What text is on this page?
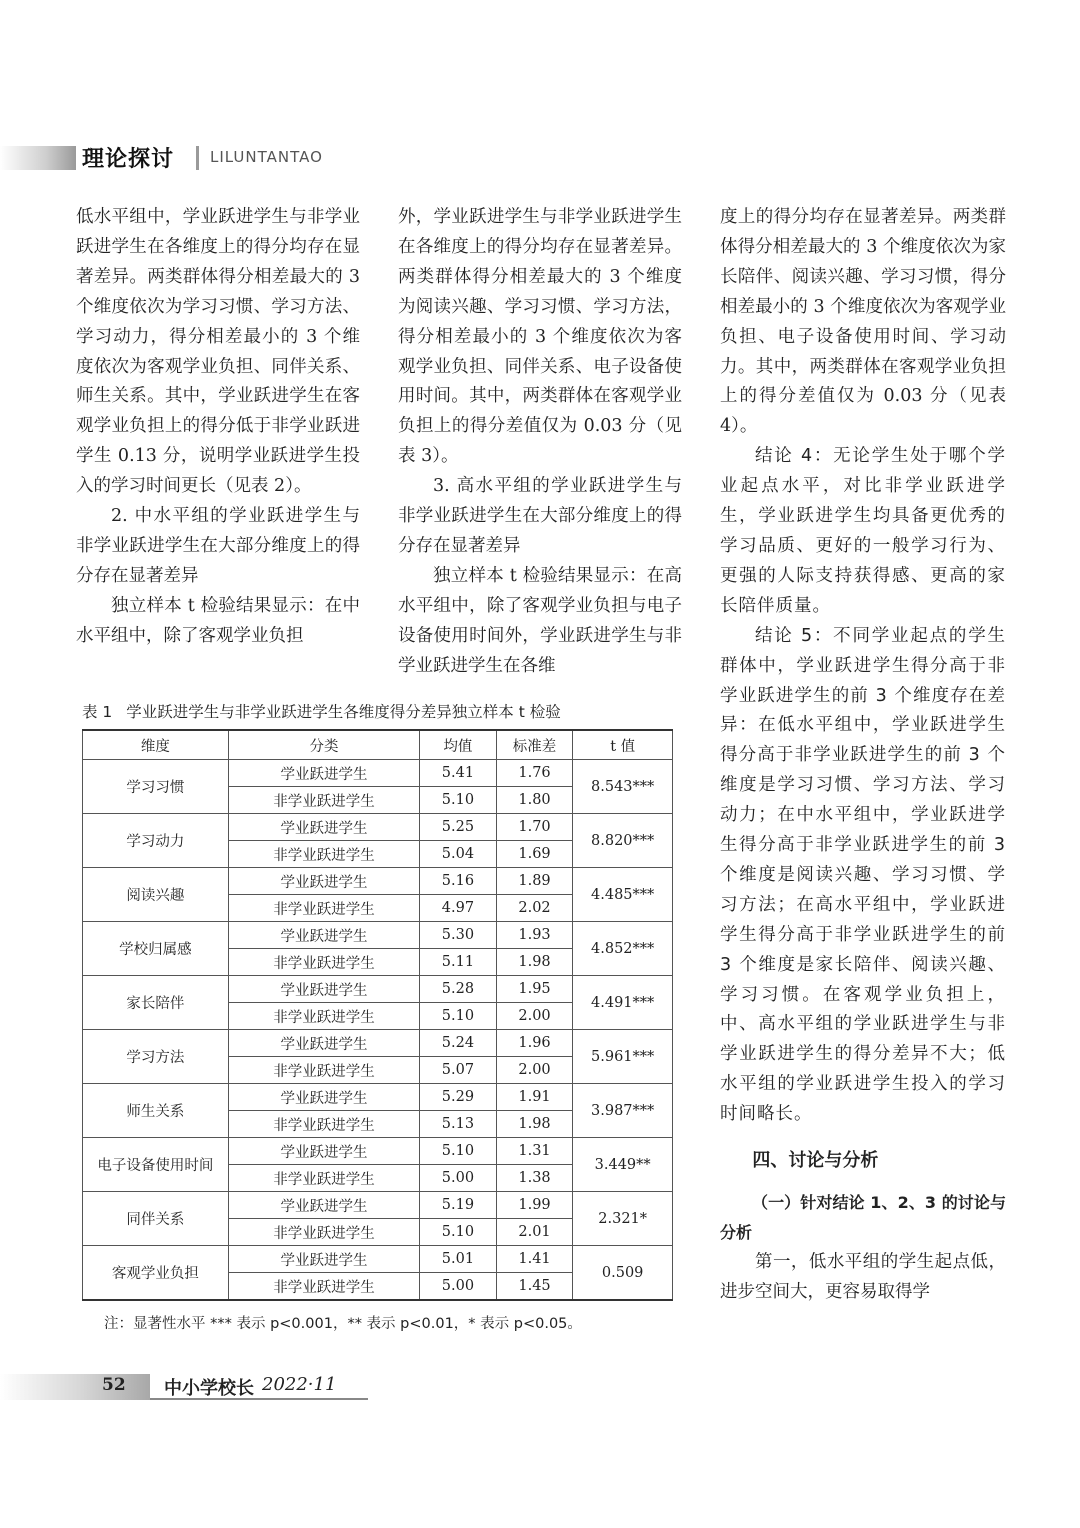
理论探讨 LILUNTANTAO

低水平组中，学业跃进学生与非学业跃进学生在各维度上的得分均存在显著差异。两类群体得分相差最大的 3 个维度依次为学习习惯、学习方法、学习动力，得分相差最小的 3 个维度依次为客观学业负担、同伴关系、师生关系。其中，学业跃进学生在客观学业负担上的得分低于非学业跃进学生 0.13 分，说明学业跃进学生投入的学习时间更长（见表 2）。

2. 中水平组的学业跃进学生与非学业跃进学生在大部分维度上的得分存在显著差异

独立样本 t 检验结果显示：在中水平组中，除了客观学业负担

外，学业跃进学生与非学业跃进学生在各维度上的得分均存在显著差异。两类群体得分相差最大的 3 个维度为阅读兴趣、学习习惯、学习方法，得分相差最小的 3 个维度依次为客观学业负担、同伴关系、电子设备使用时间。其中，两类群体在客观学业负担上的得分差值仅为 0.03 分（见表 3）。

3. 高水平组的学业跃进学生与非学业跃进学生在大部分维度上的得分存在显著差异

独立样本 t 检验结果显示：在高水平组中，除了客观学业负担与电子设备使用时间外，学业跃进学生与非学业跃进学生在各维

度上的得分均存在显著差异。两类群体得分相差最大的 3 个维度依次为家长陪伴、阅读兴趣、学习习惯，得分相差最小的 3 个维度依次为客观学业负担、电子设备使用时间、学习动力。其中，两类群体在客观学业负担上的得分差值仅为 0.03 分（见表 4）。

结论 4：无论学生处于哪个学业起点水平，对比非学业跃进学生，学业跃进学生均具备更优秀的学习品质、更好的一般学习行为、更强的人际支持获得感、更高的家长陪伴质量。

结论 5：不同学业起点的学生群体中，学业跃进学生得分高于非学业跃进学生的前 3 个维度存在差异：在低水平组中，学业跃进学生得分高于非学业跃进学生的前 3 个维度是学习习惯、学习方法、学习动力；在中水平组中，学业跃进学生得分高于非学业跃进学生的前 3 个维度是阅读兴趣、学习习惯、学习方法；在高水平组中，学业跃进学生得分高于非学业跃进学生的前 3 个维度是家长陪伴、阅读兴趣、学习习惯。在客观学业负担上，中、高水平组的学业跃进学生与非学业跃进学生的得分差异不大；低水平组的学业跃进学生投入的学习时间略长。

四、讨论与分析

（一）针对结论 1、2、3 的讨论与分析

第一，低水平组的学生起点低，进步空间大，更容易取得学

表 1 学业跃进学生与非学业跃进学生各维度得分差异独立样本 t 检验
维度	分类	均值	标准差	t 值
学习习惯	学业跃进学生	5.41	1.76	8.543***
	非学业跃进学生	5.10	1.80	
学习动力	学业跃进学生	5.25	1.70	8.820***
	非学业跃进学生	5.04	1.69	
阅读兴趣	学业跃进学生	5.16	1.89	4.485***
	非学业跃进学生	4.97	2.02	
学校归属感	学业跃进学生	5.30	1.93	4.852***
	非学业跃进学生	5.11	1.98	
家长陪伴	学业跃进学生	5.28	1.95	4.491***
	非学业跃进学生	5.10	2.00	
学习方法	学业跃进学生	5.24	1.96	5.961***
	非学业跃进学生	5.07	2.00	
师生关系	学业跃进学生	5.29	1.91	3.987***
	非学业跃进学生	5.13	1.98	
电子设备使用时间	学业跃进学生	5.10	1.31	3.449**
	非学业跃进学生	5.00	1.38	
同伴关系	学业跃进学生	5.19	1.99	2.321*
	非学业跃进学生	5.10	2.01	
客观学业负担	学业跃进学生	5.01	1.41	0.509
	非学业跃进学生	5.00	1.45	
注：显著性水平 *** 表示 p<0.001，** 表示 p<0.01，* 表示 p<0.05。
52 中小学校长 2022·11
